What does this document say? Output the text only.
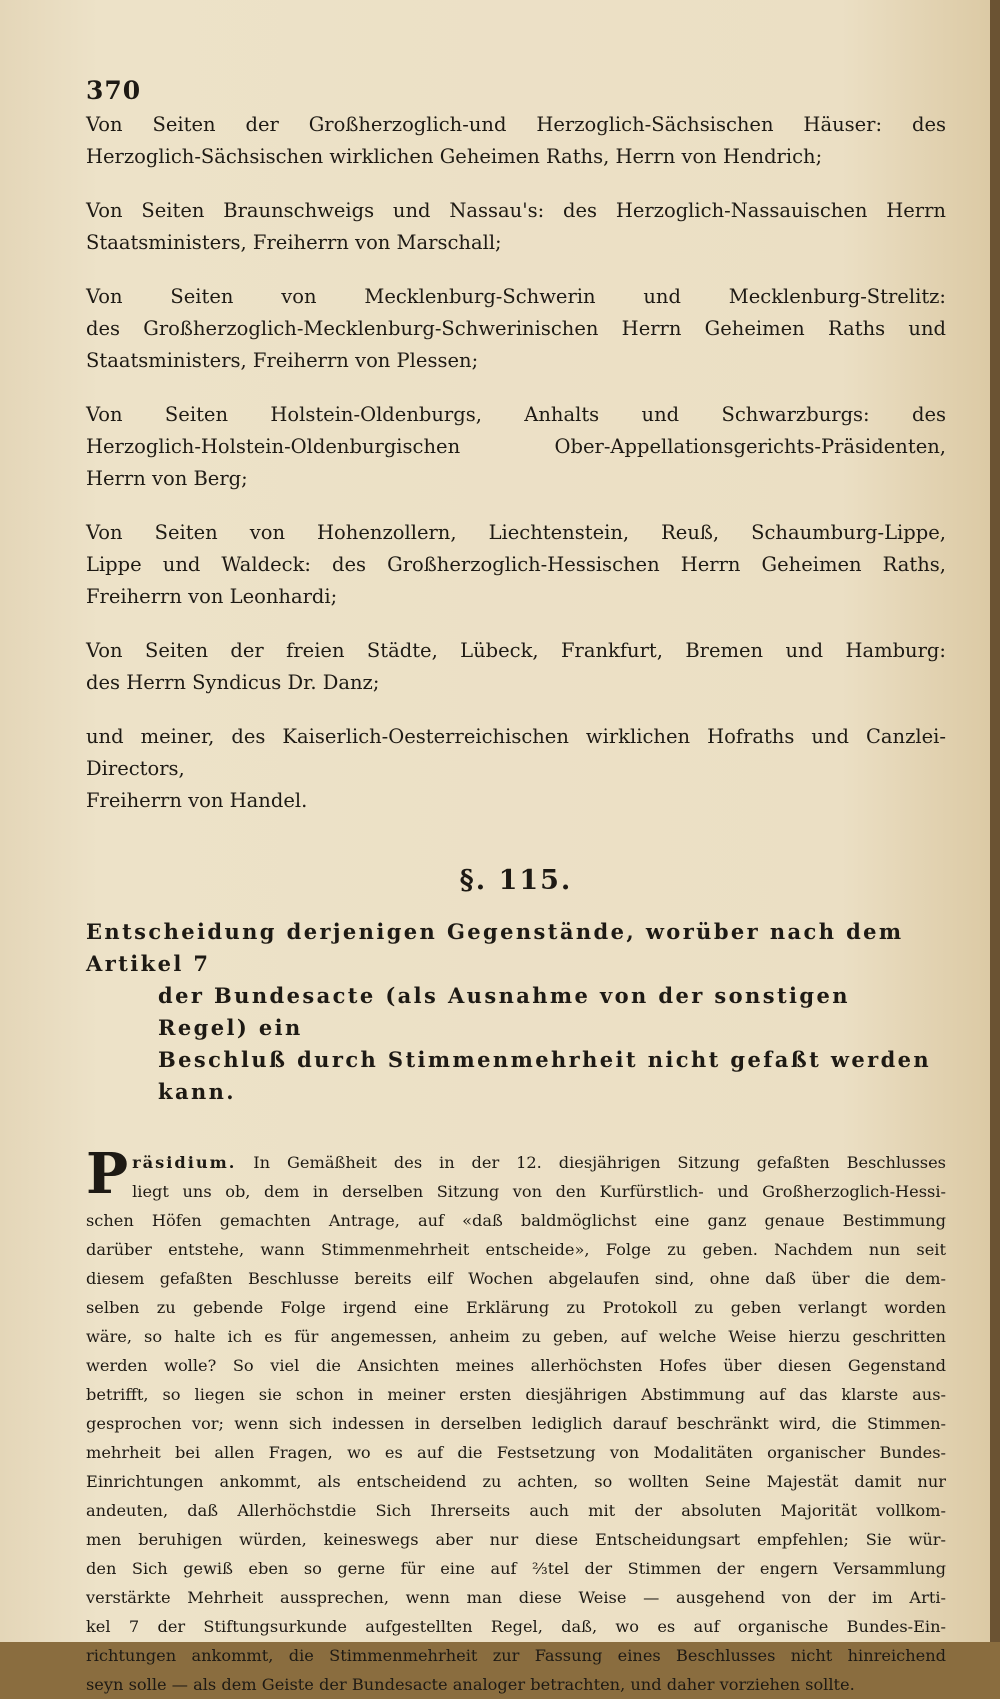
370
Von Seiten der Großherzoglich-und Herzoglich-Sächsischen Häuser: des
Herzoglich-Sächsischen wirklichen Geheimen Raths, Herrn von Hendrich;
Von Seiten Braunschweigs und Nassau's: des Herzoglich-Nassauischen Herrn
Staatsministers, Freiherrn von Marschall;
Von Seiten von Mecklenburg-Schwerin und Mecklenburg-Strelitz:
des Großherzoglich-Mecklenburg-Schwerinischen Herrn Geheimen Raths und
Staatsministers, Freiherrn von Plessen;
Von Seiten Holstein-Oldenburgs, Anhalts und Schwarzburgs: des
Herzoglich-Holstein-Oldenburgischen Ober-Appellationsgerichts-Präsidenten,
Herrn von Berg;
Von Seiten von Hohenzollern, Liechtenstein, Reuß, Schaumburg-Lippe,
Lippe und Waldeck: des Großherzoglich-Hessischen Herrn Geheimen Raths,
Freiherrn von Leonhardi;
Von Seiten der freien Städte, Lübeck, Frankfurt, Bremen und Hamburg:
des Herrn Syndicus Dr. Danz;
und meiner, des Kaiserlich-Oesterreichischen wirklichen Hofraths und Canzlei-Directors,
Freiherrn von Handel.
§. 115.
Entscheidung derjenigen Gegenstände, worüber nach dem Artikel 7
der Bundesacte (als Ausnahme von der sonstigen Regel) ein
Beschluß durch Stimmenmehrheit nicht gefaßt werden kann.
P räsidium. In Gemäßheit des in der 12. diesjährigen Sitzung gefaßten Beschlusses
liegt uns ob, dem in derselben Sitzung von den Kurfürstlich- und Großherzoglich-Hessi-
schen Höfen gemachten Antrage, auf «daß baldmöglichst eine ganz genaue Bestimmung
darüber entstehe, wann Stimmenmehrheit entscheide», Folge zu geben. Nachdem nun seit
diesem gefaßten Beschlusse bereits eilf Wochen abgelaufen sind, ohne daß über die dem-
selben zu gebende Folge irgend eine Erklärung zu Protokoll zu geben verlangt worden
wäre, so halte ich es für angemessen, anheim zu geben, auf welche Weise hierzu geschritten
werden wolle? So viel die Ansichten meines allerhöchsten Hofes über diesen Gegenstand
betrifft, so liegen sie schon in meiner ersten diesjährigen Abstimmung auf das klarste aus-
gesprochen vor; wenn sich indessen in derselben lediglich darauf beschränkt wird, die Stimmen-
mehrheit bei allen Fragen, wo es auf die Festsetzung von Modalitäten organischer Bundes-
Einrichtungen ankommt, als entscheidend zu achten, so wollten Seine Majestät damit nur
andeuten, daß Allerhöchstdie Sich Ihrerseits auch mit der absoluten Majorität vollkom-
men beruhigen würden, keineswegs aber nur diese Entscheidungsart empfehlen; Sie wür-
den Sich gewiß eben so gerne für eine auf ⅔tel der Stimmen der engern Versammlung
verstärkte Mehrheit aussprechen, wenn man diese Weise — ausgehend von der im Arti-
kel 7 der Stiftungsurkunde aufgestellten Regel, daß, wo es auf organische Bundes-Ein-
richtungen ankommt, die Stimmenmehrheit zur Fassung eines Beschlusses nicht hinreichend
seyn solle — als dem Geiste der Bundesacte analoger betrachten, und daher vorziehen sollte.
